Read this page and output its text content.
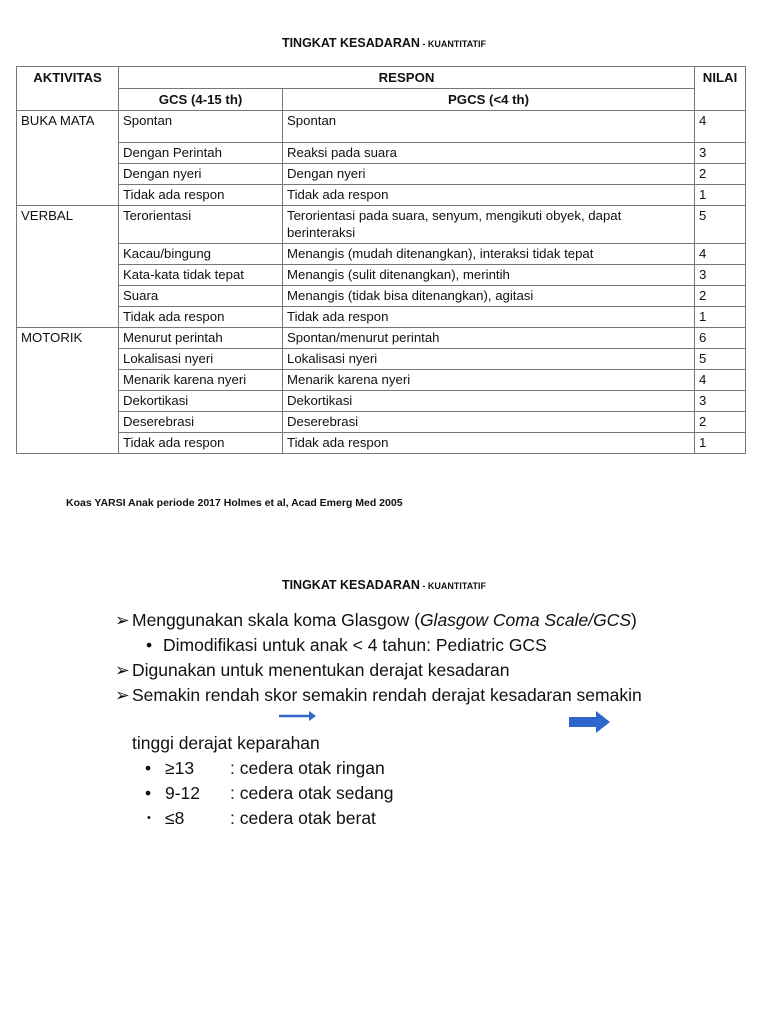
TINGKAT KESADARAN - KUANTITATIF
AKTIVITAS	RESPON		NILAI
	GCS (4-15 th)	PGCS (<4 th)	
BUKA MATA	Spontan	Spontan	4
	Dengan Perintah	Reaksi pada suara	3
	Dengan nyeri	Dengan nyeri	2
	Tidak ada respon	Tidak ada respon	1
VERBAL	Terorientasi	Terorientasi pada suara, senyum, mengikuti obyek, dapat berinteraksi	5
	Kacau/bingung	Menangis (mudah ditenangkan), interaksi tidak tepat	4
	Kata-kata tidak tepat	Menangis (sulit ditenangkan), merintih	3
	Suara	Menangis (tidak bisa ditenangkan), agitasi	2
	Tidak ada respon	Tidak ada respon	1
MOTORIK	Menurut perintah	Spontan/menurut perintah	6
	Lokalisasi nyeri	Lokalisasi nyeri	5
	Menarik karena nyeri	Menarik karena nyeri	4
	Dekortikasi	Dekortikasi	3
	Deserebrasi	Deserebrasi	2
	Tidak ada respon	Tidak ada respon	1
Koas YARSI Anak periode 2017 Holmes et al, Acad Emerg Med 2005
TINGKAT KESADARAN - KUANTITATIF
➢ Menggunakan skala koma Glasgow (Glasgow Coma Scale/GCS)
• Dimodifikasi untuk anak < 4 tahun: Pediatric GCS
➢ Digunakan untuk menentukan derajat kesadaran
➢ Semakin rendah skor semakin rendah derajat kesadaran semakin
tinggi derajat keparahan
• ≥13 : cedera otak ringan
• 9-12 : cedera otak sedang
• ≤8	: cedera otak berat
